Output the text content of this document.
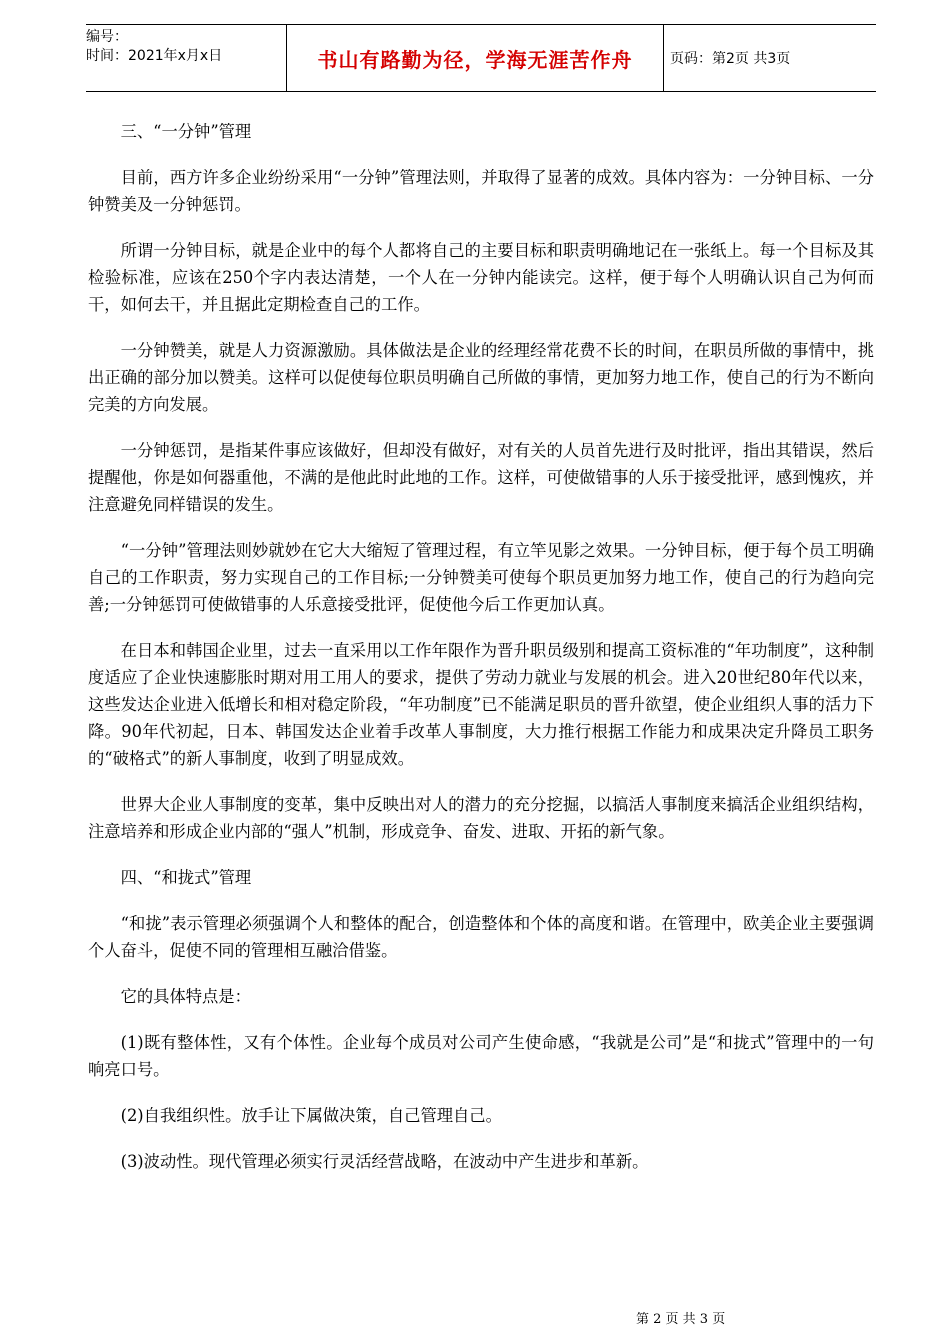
编号：
时间：2021年x月x日	书山有路勤为径，学海无涯苦作舟	页码：第2页 共3页

三、“一分钟”管理

目前，西方许多企业纷纷采用“一分钟”管理法则，并取得了显著的成效。具体内容为：一分钟目标、一分钟赞美及一分钟惩罚。

所谓一分钟目标，就是企业中的每个人都将自己的主要目标和职责明确地记在一张纸上。每一个目标及其检验标准，应该在250个字内表达清楚，一个人在一分钟内能读完。这样，便于每个人明确认识自己为何而干，如何去干，并且据此定期检查自己的工作。

一分钟赞美，就是人力资源激励。具体做法是企业的经理经常花费不长的时间，在职员所做的事情中，挑出正确的部分加以赞美。这样可以促使每位职员明确自己所做的事情，更加努力地工作，使自己的行为不断向完美的方向发展。

一分钟惩罚，是指某件事应该做好，但却没有做好，对有关的人员首先进行及时批评，指出其错误，然后提醒他，你是如何器重他，不满的是他此时此地的工作。这样，可使做错事的人乐于接受批评，感到愧疚，并注意避免同样错误的发生。

“一分钟”管理法则妙就妙在它大大缩短了管理过程，有立竿见影之效果。一分钟目标，便于每个员工明确自己的工作职责，努力实现自己的工作目标;一分钟赞美可使每个职员更加努力地工作，使自己的行为趋向完善;一分钟惩罚可使做错事的人乐意接受批评，促使他今后工作更加认真。

在日本和韩国企业里，过去一直采用以工作年限作为晋升职员级别和提高工资标准的“年功制度”，这种制度适应了企业快速膨胀时期对用工用人的要求，提供了劳动力就业与发展的机会。进入20世纪80年代以来，这些发达企业进入低增长和相对稳定阶段，“年功制度”已不能满足职员的晋升欲望，使企业组织人事的活力下降。90年代初起，日本、韩国发达企业着手改革人事制度，大力推行根据工作能力和成果决定升降员工职务的“破格式”的新人事制度，收到了明显成效。

世界大企业人事制度的变革，集中反映出对人的潜力的充分挖掘，以搞活人事制度来搞活企业组织结构，注意培养和形成企业内部的“强人”机制，形成竞争、奋发、进取、开拓的新气象。

四、“和拢式”管理

“和拢”表示管理必须强调个人和整体的配合，创造整体和个体的高度和谐。在管理中，欧美企业主要强调个人奋斗，促使不同的管理相互融洽借鉴。

它的具体特点是：

(1)既有整体性，又有个体性。企业每个成员对公司产生使命感，“我就是公司”是“和拢式”管理中的一句响亮口号。

(2)自我组织性。放手让下属做决策，自己管理自己。

(3)波动性。现代管理必须实行灵活经营战略，在波动中产生进步和革新。

第 2 页 共 3 页
